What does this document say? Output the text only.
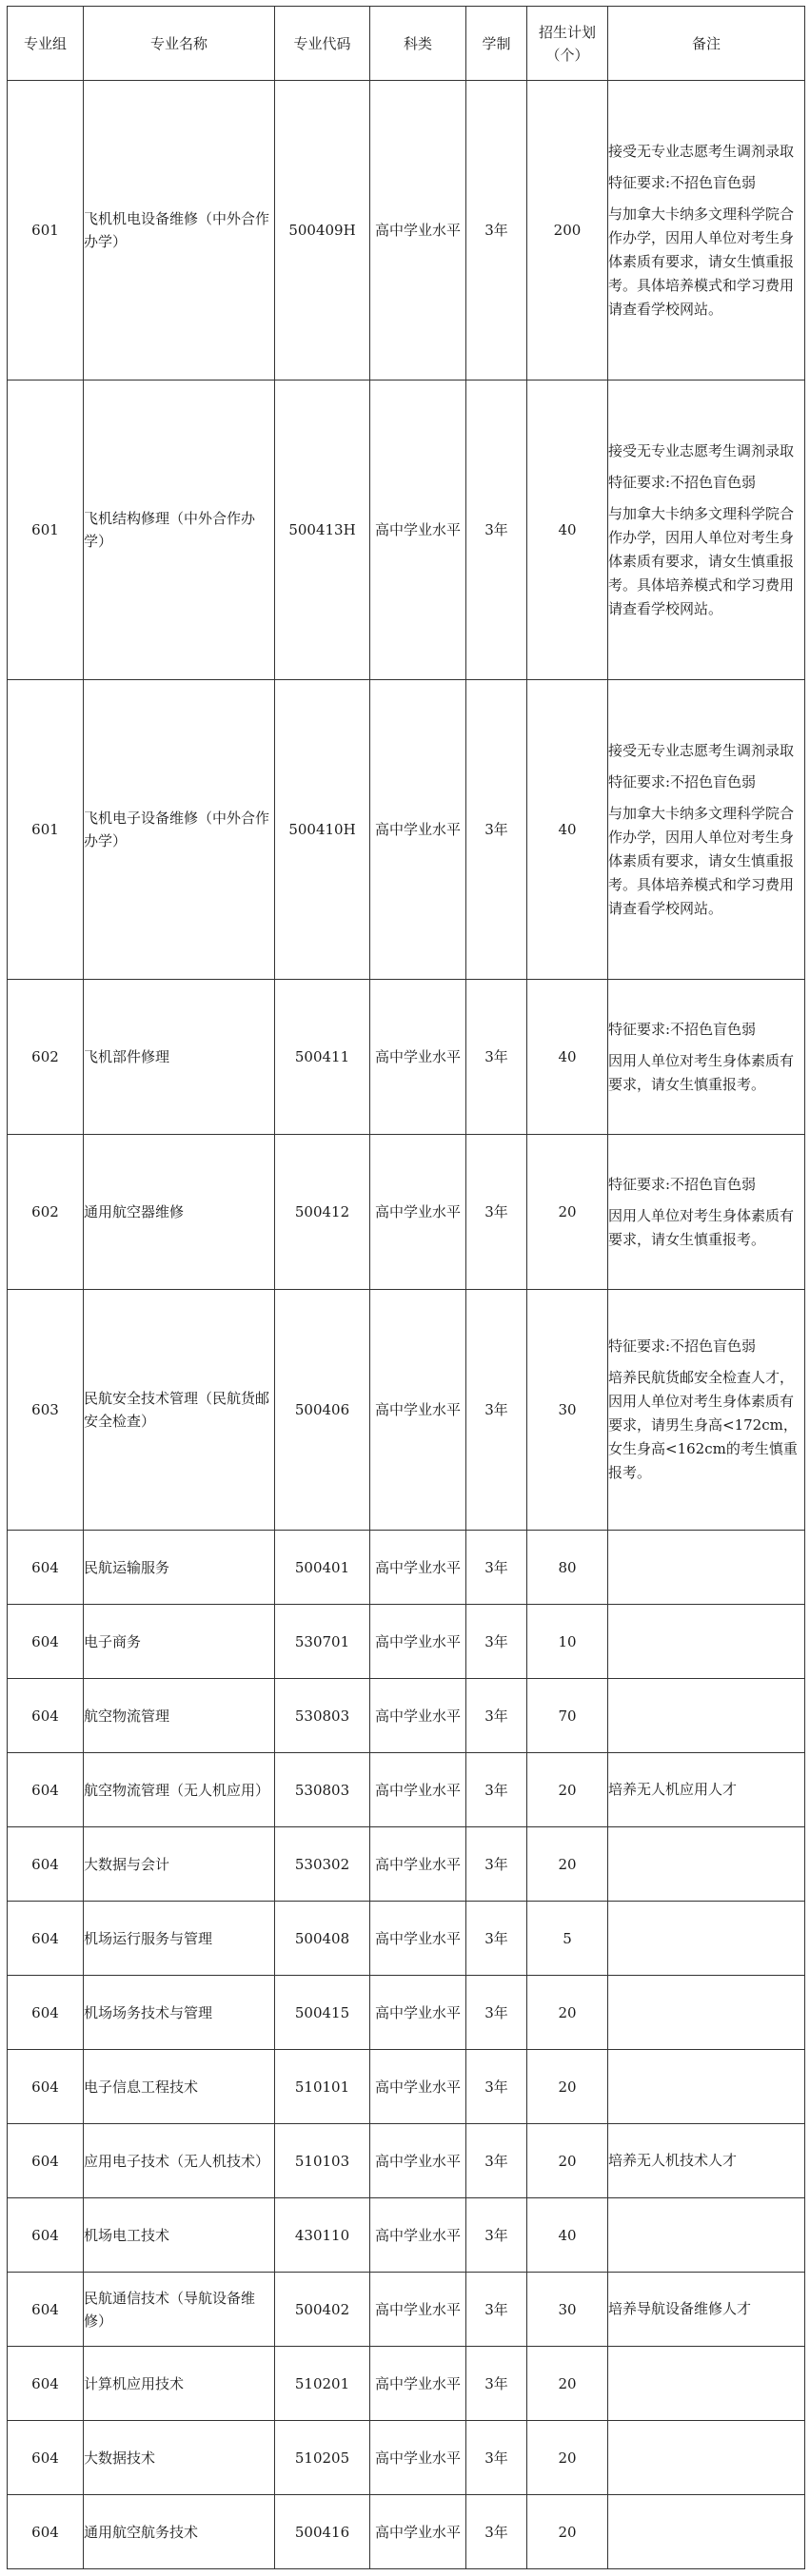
专业组	专业名称	专业代码	科类	学制	招生计划（个）	备注
601	飞机机电设备维修（中外合作办学）	500409H	高中学业水平	3年	200	接受无专业志愿考生调剂录取

特征要求:不招色盲色弱

与加拿大卡纳多文理科学院合作办学，因用人单位对考生身体素质有要求，请女生慎重报考。具体培养模式和学习费用请查看学校网站。

601	飞机结构修理（中外合作办学）	500413H	高中学业水平	3年	40	接受无专业志愿考生调剂录取

特征要求:不招色盲色弱

与加拿大卡纳多文理科学院合作办学，因用人单位对考生身体素质有要求，请女生慎重报考。具体培养模式和学习费用请查看学校网站。

601	飞机电子设备维修（中外合作办学）	500410H	高中学业水平	3年	40	接受无专业志愿考生调剂录取

特征要求:不招色盲色弱

与加拿大卡纳多文理科学院合作办学，因用人单位对考生身体素质有要求，请女生慎重报考。具体培养模式和学习费用请查看学校网站。

602	飞机部件修理	500411	高中学业水平	3年	40	特征要求:不招色盲色弱

因用人单位对考生身体素质有要求，请女生慎重报考。

602	通用航空器维修	500412	高中学业水平	3年	20	特征要求:不招色盲色弱

因用人单位对考生身体素质有要求，请女生慎重报考。

603	民航安全技术管理（民航货邮安全检查）	500406	高中学业水平	3年	30	特征要求:不招色盲色弱

培养民航货邮安全检查人才，因用人单位对考生身体素质有要求，请男生身高<172cm，女生身高<162cm的考生慎重报考。

604	民航运输服务	500401	高中学业水平	3年	80	
604	电子商务	530701	高中学业水平	3年	10	
604	航空物流管理	530803	高中学业水平	3年	70	
604	航空物流管理（无人机应用）	530803	高中学业水平	3年	20	培养无人机应用人才

604	大数据与会计	530302	高中学业水平	3年	20	
604	机场运行服务与管理	500408	高中学业水平	3年	5	
604	机场场务技术与管理	500415	高中学业水平	3年	20	
604	电子信息工程技术	510101	高中学业水平	3年	20	
604	应用电子技术（无人机技术）	510103	高中学业水平	3年	20	培养无人机技术人才

604	机场电工技术	430110	高中学业水平	3年	40	
604	民航通信技术（导航设备维修）	500402	高中学业水平	3年	30	培养导航设备维修人才

604	计算机应用技术	510201	高中学业水平	3年	20	
604	大数据技术	510205	高中学业水平	3年	20	
604	通用航空航务技术	500416	高中学业水平	3年	20	
